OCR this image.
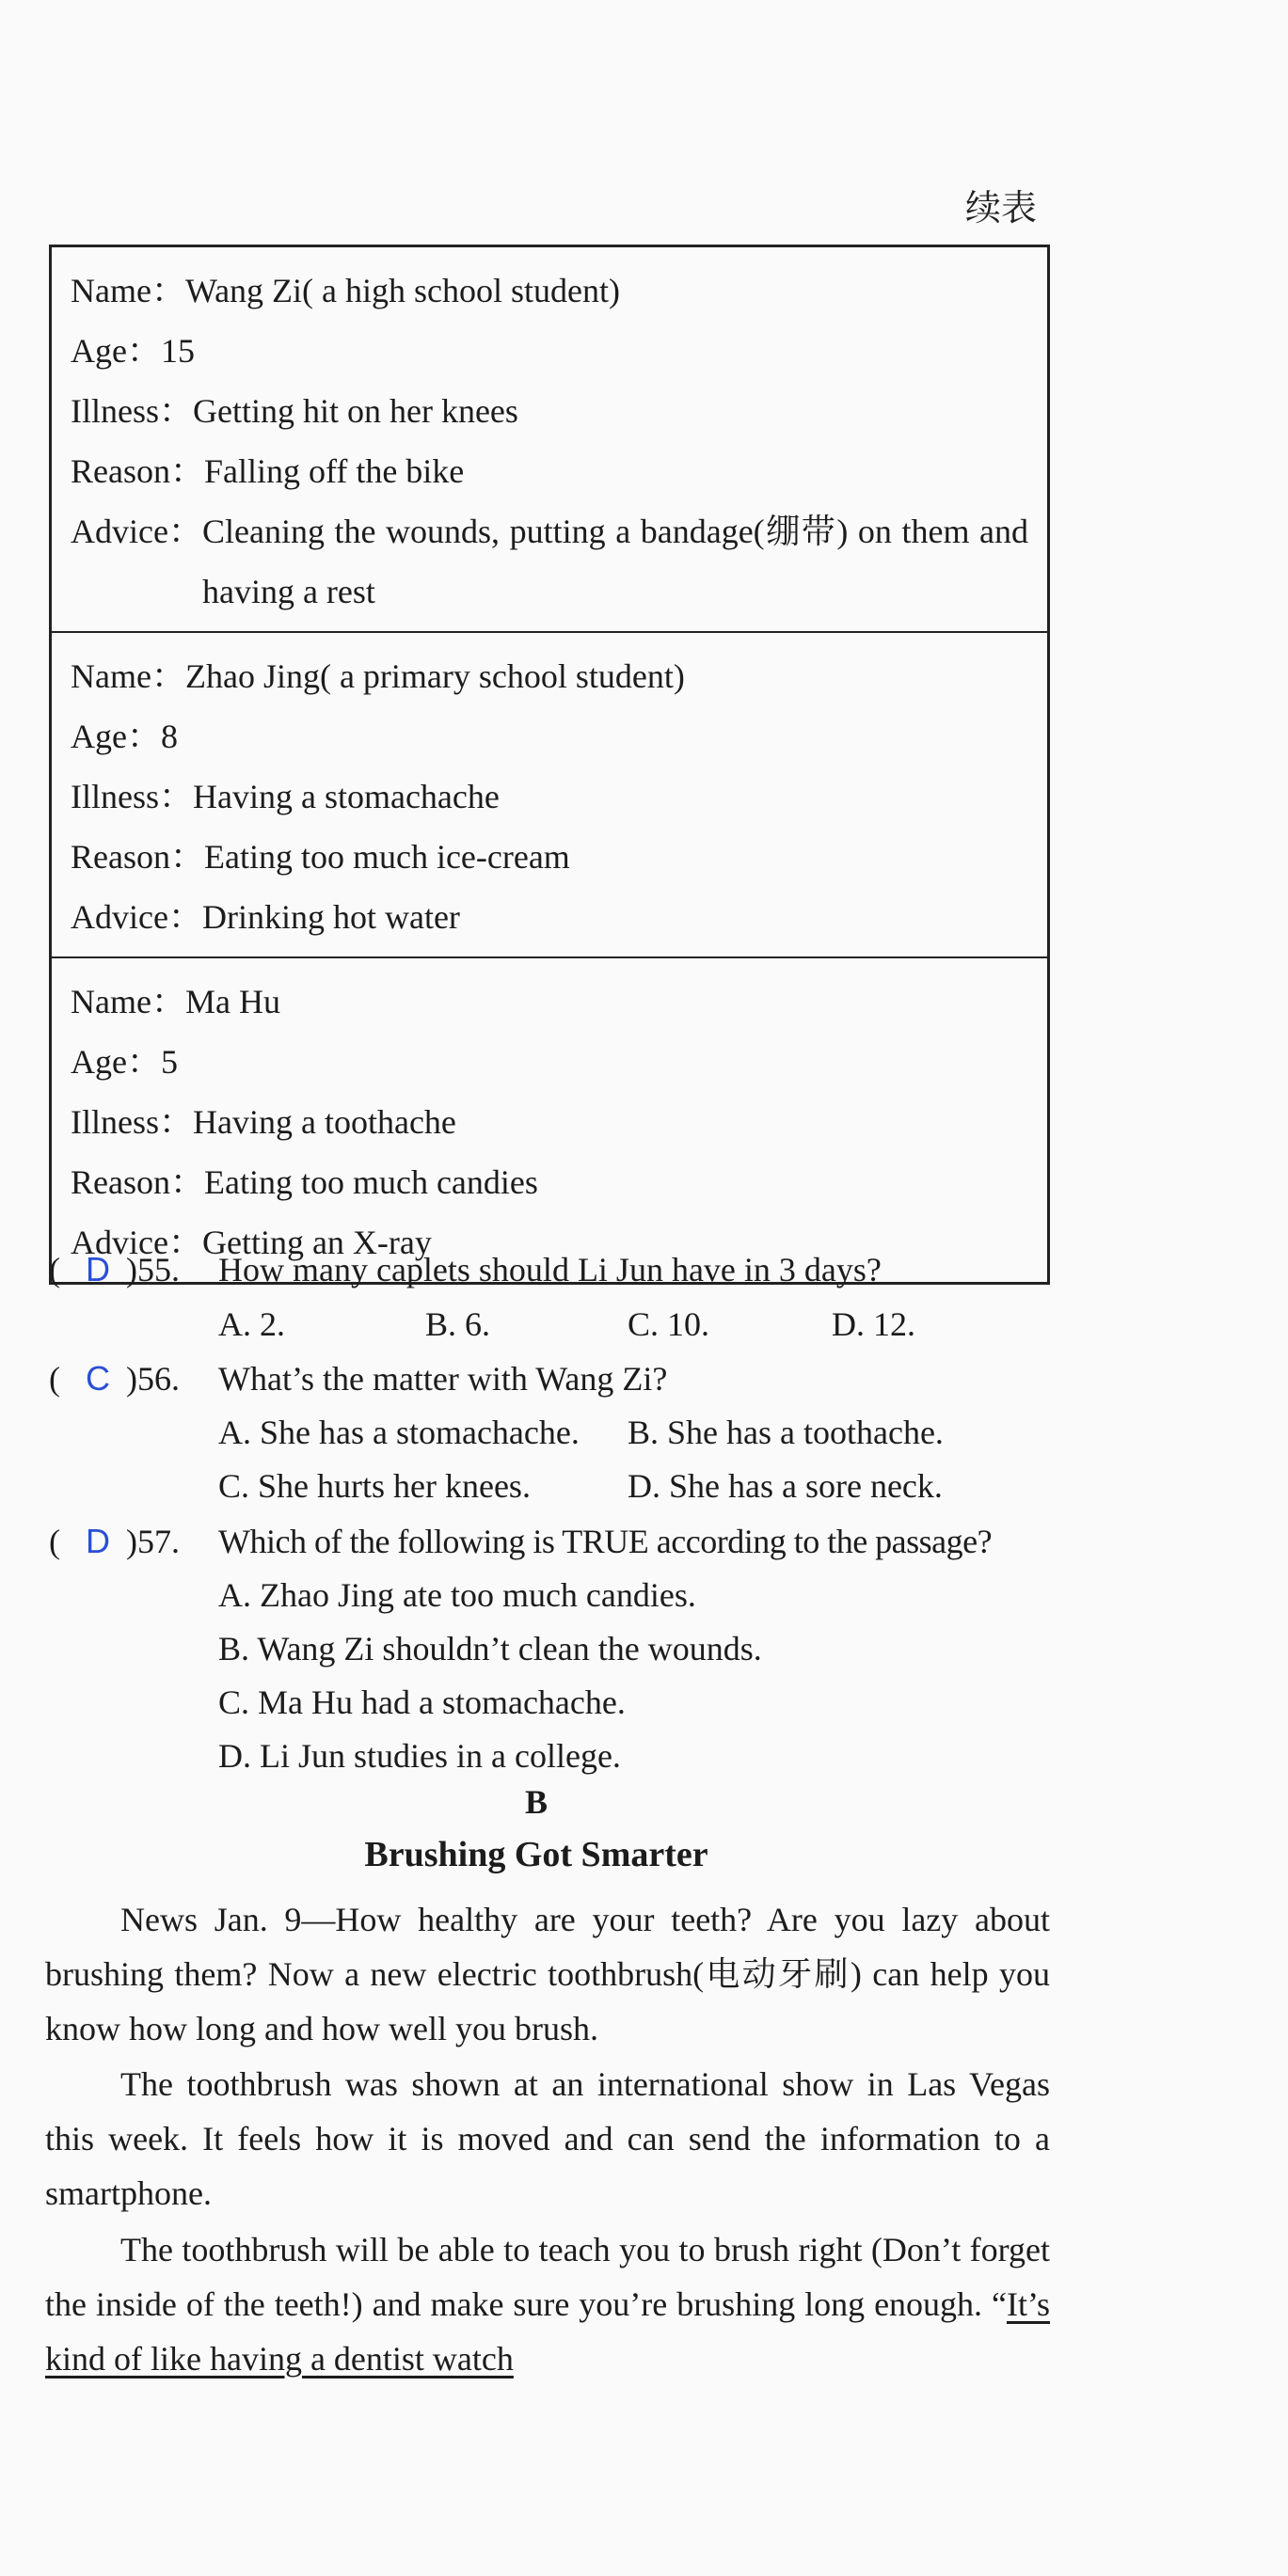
续表
Name： Wang Zi( a high school student)
Age： 15
Illness： Getting hit on her knees
Reason： Falling off the bike
Advice： Cleaning the wounds, putting a bandage(绷带) on them and having a rest
Name： Zhao Jing( a primary school student)
Age： 8
Illness： Having a stomachache
Reason： Eating too much ice-cream
Advice： Drinking hot water
Name： Ma Hu
Age： 5
Illness： Having a toothache
Reason： Eating too much candies
Advice： Getting an X-ray
( D )55. How many caplets should Li Jun have in 3 days?
A. 2.	B. 6.	C. 10.	D. 12.
( C )56. What’s the matter with Wang Zi?
A. She has a stomachache. B. She has a toothache.
C. She hurts her knees.	D. She has a sore neck.
( D )57. Which of the following is TRUE according to the passage?
A. Zhao Jing ate too much candies.
B. Wang Zi shouldn’t clean the wounds.
C. Ma Hu had a stomachache.
D. Li Jun studies in a college.
B
Brushing Got Smarter
News Jan. 9—How healthy are your teeth? Are you lazy about brushing them? Now a new electric toothbrush(电动牙刷) can help you know how long and how well you brush.
The toothbrush was shown at an international show in Las Vegas this week. It feels how it is moved and can send the information to a smartphone.
The toothbrush will be able to teach you to brush right (Don’t forget the inside of the teeth!) and make sure you’re brushing long enough. “It’s kind of like having a dentist watch
